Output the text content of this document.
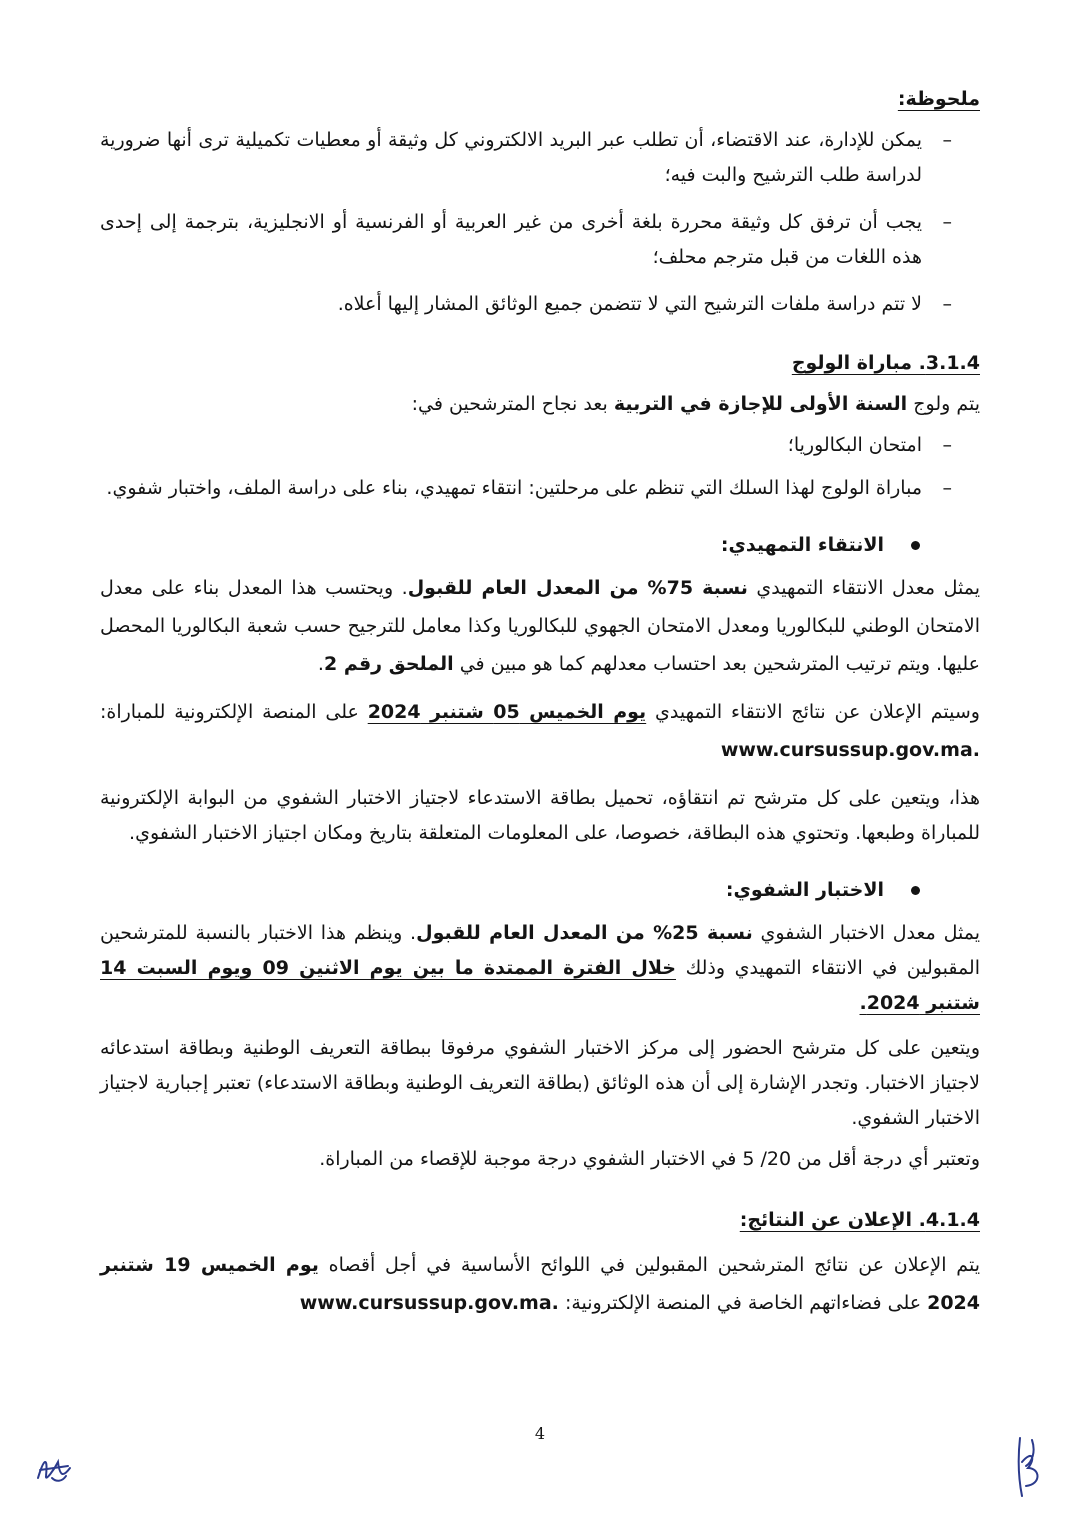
ملحوظة:

– يمكن للإدارة، عند الاقتضاء، أن تطلب عبر البريد الالكتروني كل وثيقة أو معطيات تكميلية ترى أنها ضرورية لدراسة طلب الترشيح والبت فيه؛
– يجب أن ترفق كل وثيقة محررة بلغة أخرى من غير العربية أو الفرنسية أو الانجليزية، بترجمة إلى إحدى هذه اللغات من قبل مترجم محلف؛
– لا تتم دراسة ملفات الترشيح التي لا تتضمن جميع الوثائق المشار إليها أعلاه.

3.1.4. مباراة الولوج

يتم ولوج السنة الأولى للإجازة في التربية بعد نجاح المترشحين في:

– امتحان البكالوريا؛
– مباراة الولوج لهذا السلك التي تنظم على مرحلتين: انتقاء تمهيدي، بناء على دراسة الملف، واختبار شفوي.

الانتقاء التمهيدي:

يمثل معدل الانتقاء التمهيدي نسبة 75% من المعدل العام للقبول. ويحتسب هذا المعدل بناء على معدل الامتحان الوطني للبكالوريا ومعدل الامتحان الجهوي للبكالوريا وكذا معامل للترجيح حسب شعبة البكالوريا المحصل عليها. ويتم ترتيب المترشحين بعد احتساب معدلهم كما هو مبين في الملحق رقم 2.

وسيتم الإعلان عن نتائج الانتقاء التمهيدي يوم الخميس 05 شتنبر 2024 على المنصة الإلكترونية للمباراة: www.cursussup.gov.ma.

هذا، ويتعين على كل مترشح تم انتقاؤه، تحميل بطاقة الاستدعاء لاجتياز الاختبار الشفوي من البوابة الإلكترونية للمباراة وطبعها. وتحتوي هذه البطاقة، خصوصا، على المعلومات المتعلقة بتاريخ ومكان اجتياز الاختبار الشفوي.

الاختبار الشفوي:

يمثل معدل الاختبار الشفوي نسبة 25% من المعدل العام للقبول. وينظم هذا الاختبار بالنسبة للمترشحين المقبولين في الانتقاء التمهيدي وذلك خلال الفترة الممتدة ما بين يوم الاثنين 09 ويوم السبت 14 شتنبر 2024.

ويتعين على كل مترشح الحضور إلى مركز الاختبار الشفوي مرفوقا ببطاقة التعريف الوطنية وبطاقة استدعائه لاجتياز الاختبار. وتجدر الإشارة إلى أن هذه الوثائق (بطاقة التعريف الوطنية وبطاقة الاستدعاء) تعتبر إجبارية لاجتياز الاختبار الشفوي.

وتعتبر أي درجة أقل من 20/ 5 في الاختبار الشفوي درجة موجبة للإقصاء من المباراة.

4.1.4. الإعلان عن النتائج:

يتم الإعلان عن نتائج المترشحين المقبولين في اللوائح الأساسية في أجل أقصاه يوم الخميس 19 شتنبر 2024 على فضاءاتهم الخاصة في المنصة الإلكترونية: www.cursussup.gov.ma.

4
